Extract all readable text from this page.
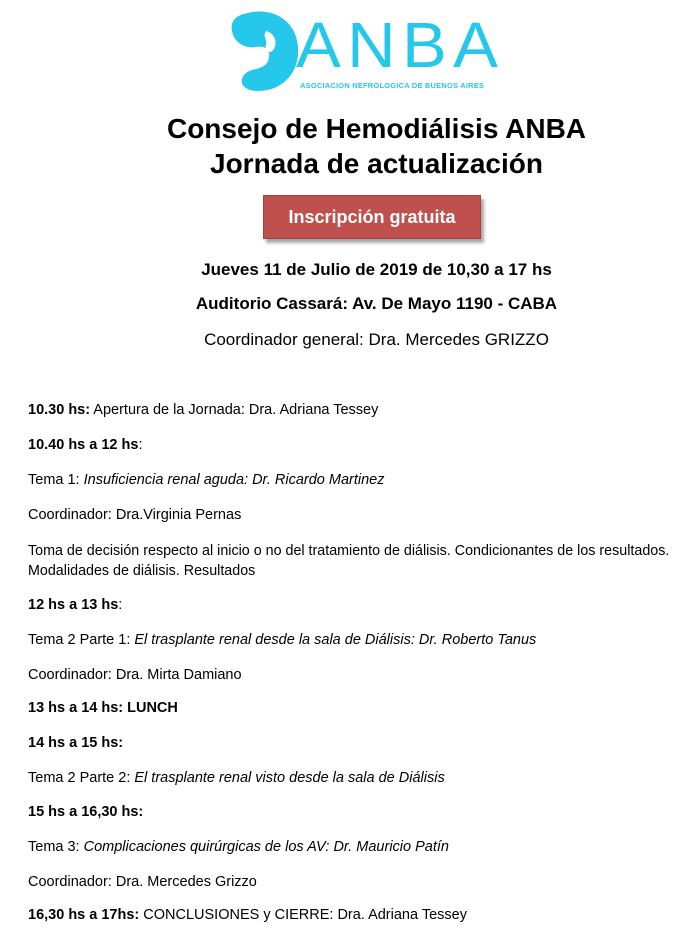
ANBA
ASOCIACION NEFROLOGICA DE BUENOS AIRES
Consejo de Hemodiálisis ANBA
Jornada de actualización
Inscripción gratuita
Jueves 11 de Julio de 2019 de 10,30 a 17 hs
Auditorio Cassará: Av. De Mayo 1190 - CABA
Coordinador general: Dra. Mercedes GRIZZO
10.30 hs: Apertura de la Jornada: Dra. Adriana Tessey
10.40 hs a 12 hs:
Tema 1: Insuficiencia renal aguda: Dr. Ricardo Martinez
Coordinador: Dra.Virginia Pernas
Toma de decisión respecto al inicio o no del tratamiento de diálisis. Condicionantes de los resultados. Modalidades de diálisis. Resultados
12 hs a 13 hs:
Tema 2 Parte 1: El trasplante renal desde la sala de Diálisis: Dr. Roberto Tanus
Coordinador: Dra. Mirta Damiano
13 hs a 14 hs: LUNCH
14 hs a 15 hs:
Tema 2 Parte 2: El trasplante renal visto desde la sala de Diálisis
15 hs a 16,30 hs:
Tema 3: Complicaciones quirúrgicas de los AV: Dr. Mauricio Patín
Coordinador: Dra. Mercedes Grizzo
16,30 hs a 17hs: CONCLUSIONES y CIERRE: Dra. Adriana Tessey
